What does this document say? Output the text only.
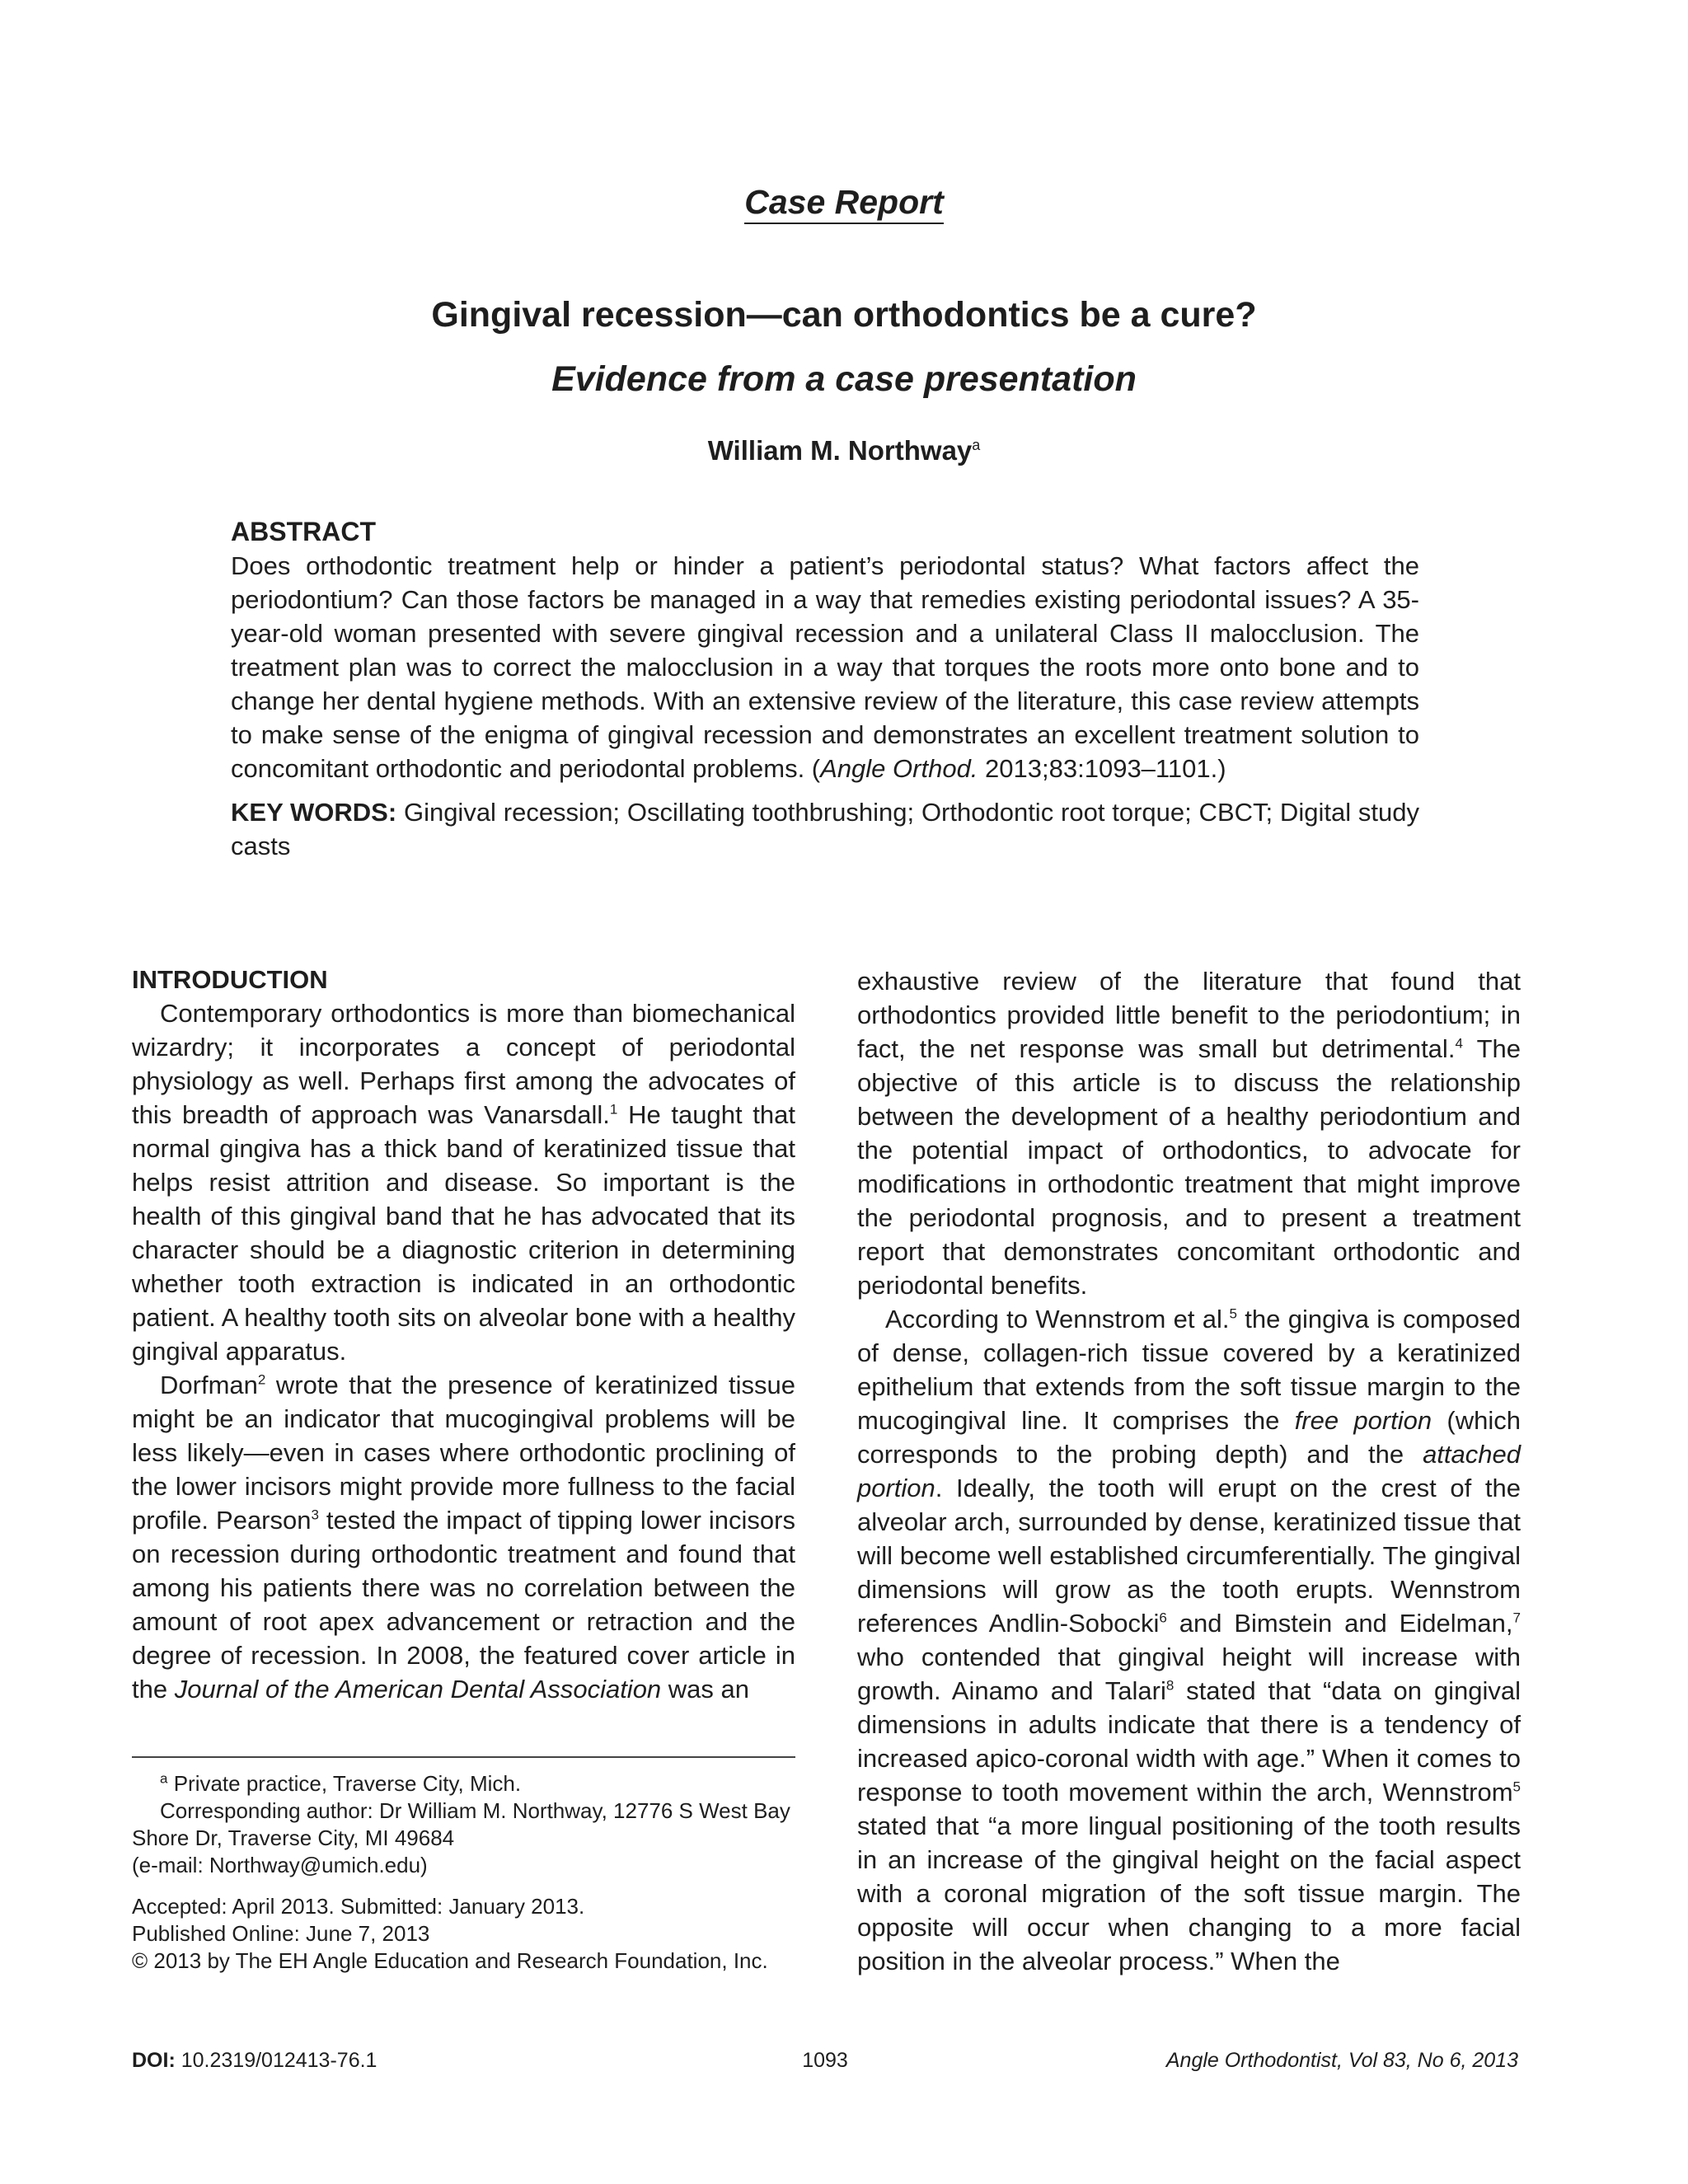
Case Report
Gingival recession—can orthodontics be a cure?
Evidence from a case presentation
William M. Northway$^a$
ABSTRACT

Does orthodontic treatment help or hinder a patient’s periodontal status? What factors affect the periodontium? Can those factors be managed in a way that remedies existing periodontal issues? A 35-year-old woman presented with severe gingival recession and a unilateral Class II malocclusion. The treatment plan was to correct the malocclusion in a way that torques the roots more onto bone and to change her dental hygiene methods. With an extensive review of the literature, this case review attempts to make sense of the enigma of gingival recession and demonstrates an excellent treatment solution to concomitant orthodontic and periodontal problems. (Angle Orthod. 2013;83:1093–1101.)

KEY WORDS: Gingival recession; Oscillating toothbrushing; Orthodontic root torque; CBCT; Digital study casts

INTRODUCTION

Contemporary orthodontics is more than biomechanical wizardry; it incorporates a concept of periodontal physiology as well. Perhaps first among the advocates of this breadth of approach was Vanarsdall.$^1$ He taught that normal gingiva has a thick band of keratinized tissue that helps resist attrition and disease. So important is the health of this gingival band that he has advocated that its character should be a diagnostic criterion in determining whether tooth extraction is indicated in an orthodontic patient. A healthy tooth sits on alveolar bone with a healthy gingival apparatus.

Dorfman$^2$ wrote that the presence of keratinized tissue might be an indicator that mucogingival problems will be less likely—even in cases where orthodontic proclining of the lower incisors might provide more fullness to the facial profile. Pearson$^3$ tested the impact of tipping lower incisors on recession during orthodontic treatment and found that among his patients there was no correlation between the amount of root apex advancement or retraction and the degree of recession. In 2008, the featured cover article in the Journal of the American Dental Association was an

$^a$ Private practice, Traverse City, Mich.

Corresponding author: Dr William M. Northway, 12776 S West Bay Shore Dr, Traverse City, MI 49684

(e-mail: Northway@umich.edu)

Accepted: April 2013. Submitted: January 2013.

Published Online: June 7, 2013

© 2013 by The EH Angle Education and Research Foundation, Inc.

exhaustive review of the literature that found that orthodontics provided little benefit to the periodontium; in fact, the net response was small but detrimental.$^4$ The objective of this article is to discuss the relationship between the development of a healthy periodontium and the potential impact of orthodontics, to advocate for modifications in orthodontic treatment that might improve the periodontal prognosis, and to present a treatment report that demonstrates concomitant orthodontic and periodontal benefits.

According to Wennstrom et al.$^5$ the gingiva is composed of dense, collagen-rich tissue covered by a keratinized epithelium that extends from the soft tissue margin to the mucogingival line. It comprises the free portion (which corresponds to the probing depth) and the attached portion. Ideally, the tooth will erupt on the crest of the alveolar arch, surrounded by dense, keratinized tissue that will become well established circumferentially. The gingival dimensions will grow as the tooth erupts. Wennstrom references Andlin-Sobocki$^6$ and Bimstein and Eidelman,$^7$ who contended that gingival height will increase with growth. Ainamo and Talari$^8$ stated that “data on gingival dimensions in adults indicate that there is a tendency of increased apico-coronal width with age.” When it comes to response to tooth movement within the arch, Wennstrom$^5$ stated that “a more lingual positioning of the tooth results in an increase of the gingival height on the facial aspect with a coronal migration of the soft tissue margin. The opposite will occur when changing to a more facial position in the alveolar process.” When the

DOI: 10.2319/012413-76.1	1093	Angle Orthodontist, Vol 83, No 6, 2013
